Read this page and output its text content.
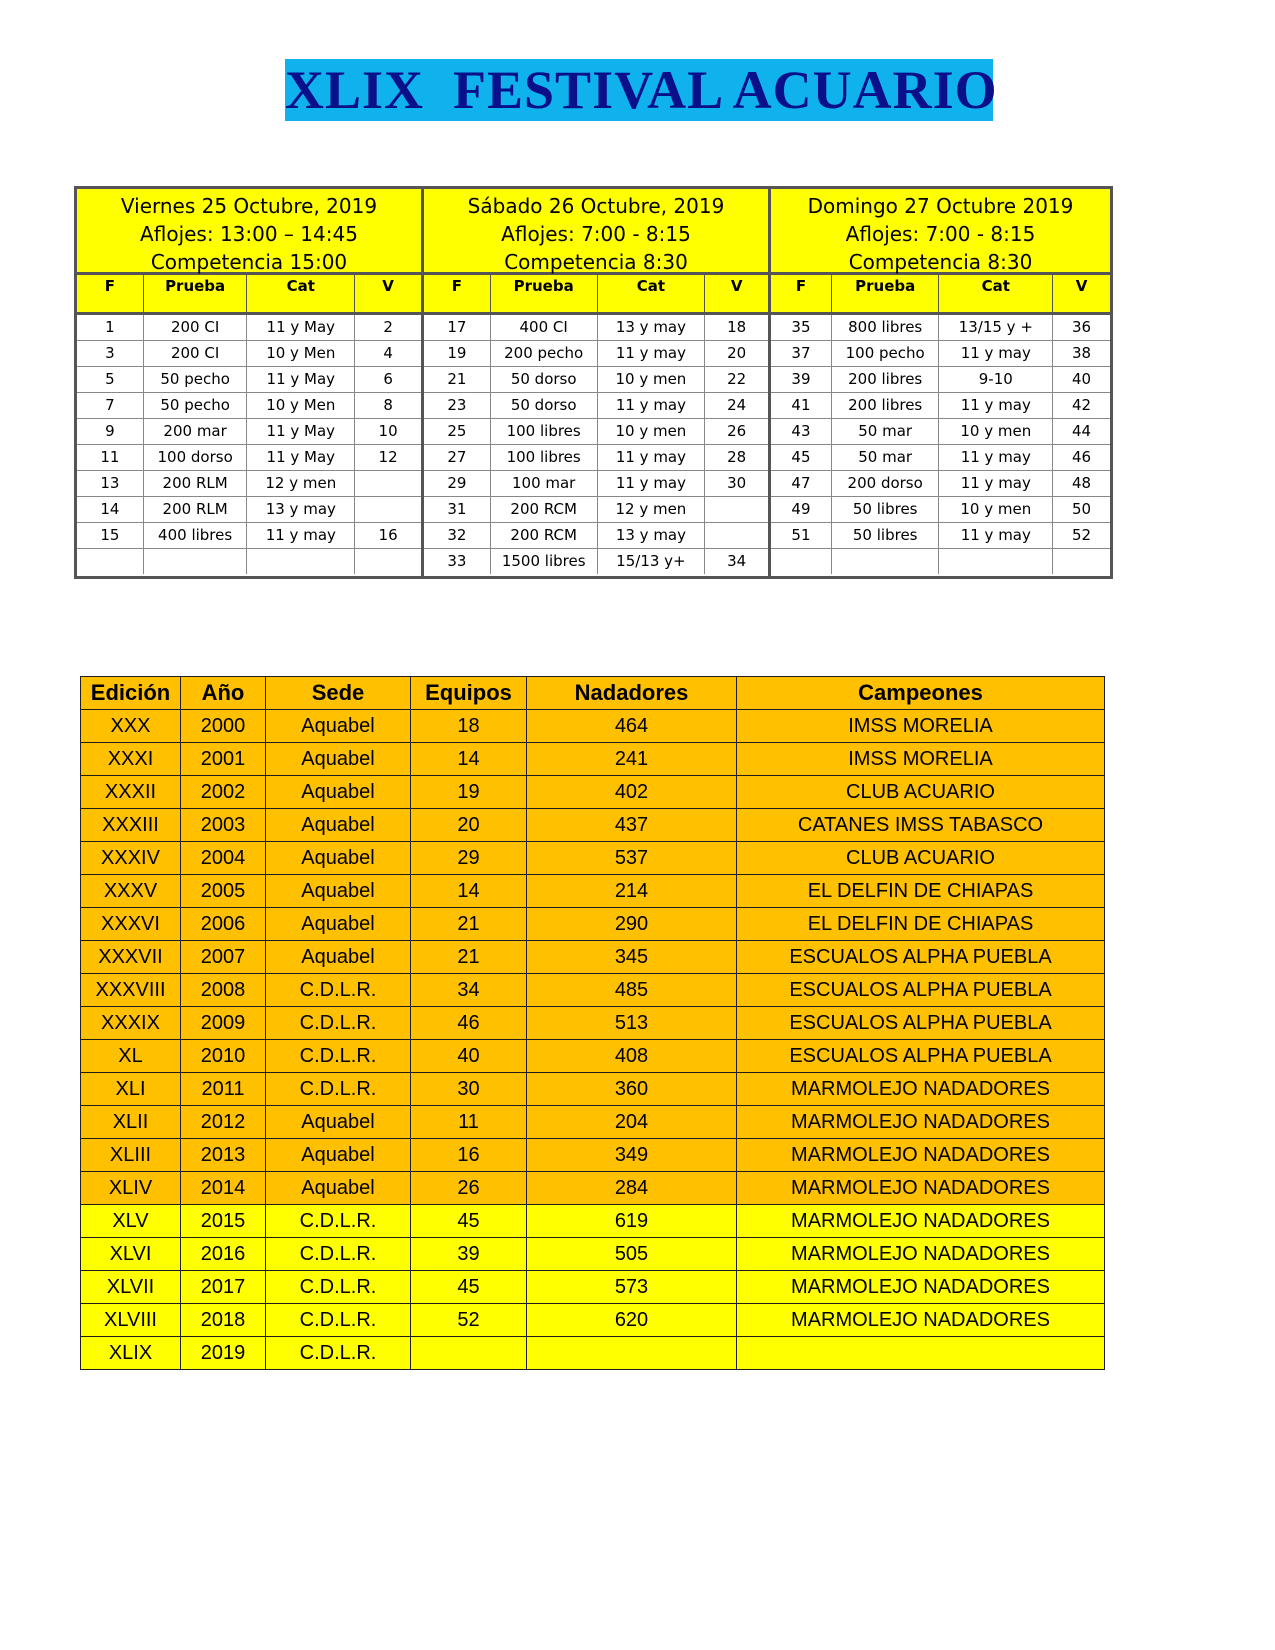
XLIX  FESTIVAL ACUARIO
Viernes 25 Octubre, 2019
Aflojes: 13:00 – 14:45
Competencia 15:00
F	Prueba	Cat	V
1	200 CI	11 y May	2
3	200 CI	10 y Men	4
5	50 pecho	11 y May	6
7	50 pecho	10 y Men	8
9	200 mar	11 y May	10
11	100 dorso	11 y May	12
13	200 RLM	12 y men	
14	200 RLM	13 y may	
15	400 libres	11 y may	16

Sábado 26 Octubre, 2019
Aflojes: 7:00 - 8:15
Competencia 8:30
F	Prueba	Cat	V
17	400 CI	13 y may	18
19	200 pecho	11 y may	20
21	50 dorso	10 y men	22
23	50 dorso	11 y may	24
25	100 libres	10 y men	26
27	100 libres	11 y may	28
29	100 mar	11 y may	30
31	200 RCM	12 y men	
32	200 RCM	13 y may	
33	1500 libres	15/13 y+	34
Domingo 27 Octubre 2019
Aflojes: 7:00 - 8:15
Competencia 8:30
F	Prueba	Cat	V
35	800 libres	13/15 y +	36
37	100 pecho	11 y may	38
39	200 libres	9-10	40
41	200 libres	11 y may	42
43	50 mar	10 y men	44
45	50 mar	11 y may	46
47	200 dorso	11 y may	48
49	50 libres	10 y men	50
51	50 libres	11 y may	52

Edición	Año	Sede	Equipos	Nadadores	Campeones
XXX	2000	Aquabel	18	464	IMSS MORELIA
XXXI	2001	Aquabel	14	241	IMSS MORELIA
XXXII	2002	Aquabel	19	402	CLUB ACUARIO
XXXIII	2003	Aquabel	20	437	CATANES IMSS TABASCO
XXXIV	2004	Aquabel	29	537	CLUB ACUARIO
XXXV	2005	Aquabel	14	214	EL DELFIN DE CHIAPAS
XXXVI	2006	Aquabel	21	290	EL DELFIN DE CHIAPAS
XXXVII	2007	Aquabel	21	345	ESCUALOS ALPHA PUEBLA
XXXVIII	2008	C.D.L.R.	34	485	ESCUALOS ALPHA PUEBLA
XXXIX	2009	C.D.L.R.	46	513	ESCUALOS ALPHA PUEBLA
XL	2010	C.D.L.R.	40	408	ESCUALOS ALPHA PUEBLA
XLI	2011	C.D.L.R.	30	360	MARMOLEJO NADADORES
XLII	2012	Aquabel	11	204	MARMOLEJO NADADORES
XLIII	2013	Aquabel	16	349	MARMOLEJO NADADORES
XLIV	2014	Aquabel	26	284	MARMOLEJO NADADORES
XLV	2015	C.D.L.R.	45	619	MARMOLEJO NADADORES
XLVI	2016	C.D.L.R.	39	505	MARMOLEJO NADADORES
XLVII	2017	C.D.L.R.	45	573	MARMOLEJO NADADORES
XLVIII	2018	C.D.L.R.	52	620	MARMOLEJO NADADORES
XLIX	2019	C.D.L.R.			
